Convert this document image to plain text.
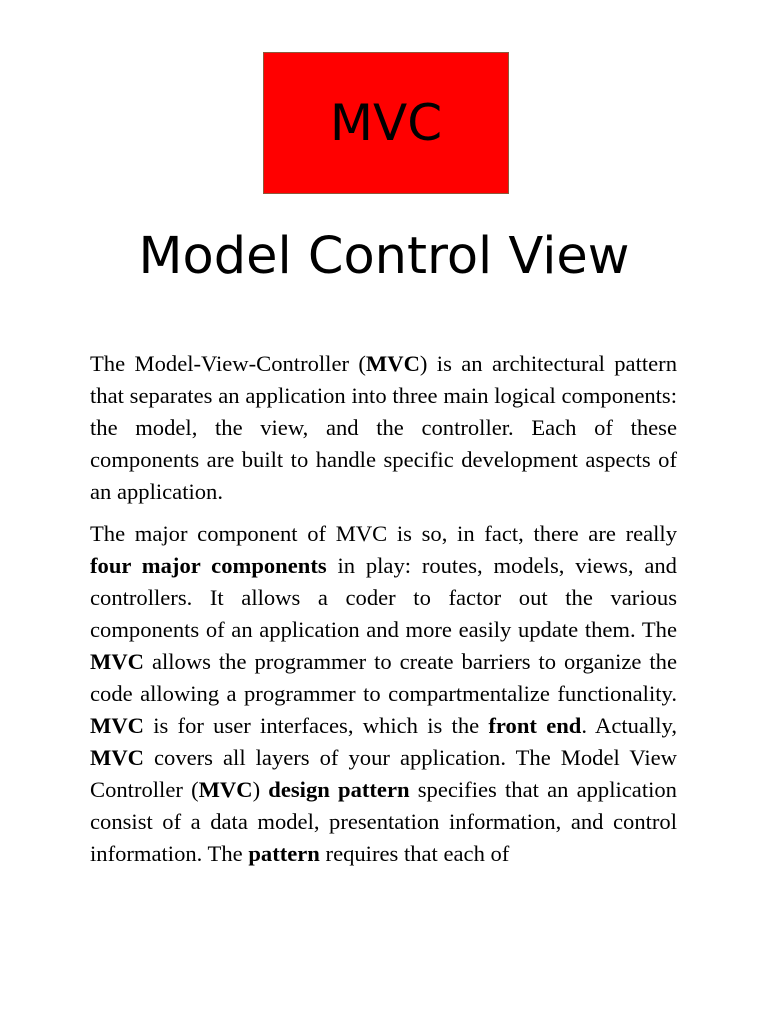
MVC
Model Control View

The Model-View-Controller (MVC) is an architectural pattern that separates an application into three main logical components: the model, the view, and the controller. Each of these components are built to handle specific development aspects of an application.

The major component of MVC is so, in fact, there are really four major components in play: routes, models, views, and controllers. It allows a coder to factor out the various components of an application and more easily update them. The MVC allows the programmer to create barriers to organize the code allowing a programmer to compartmentalize functionality. MVC is for user interfaces, which is the front end. Actually, MVC covers all layers of your application. The Model View Controller (MVC) design pattern specifies that an application consist of a data model, presentation information, and control information. The pattern requires that each of
